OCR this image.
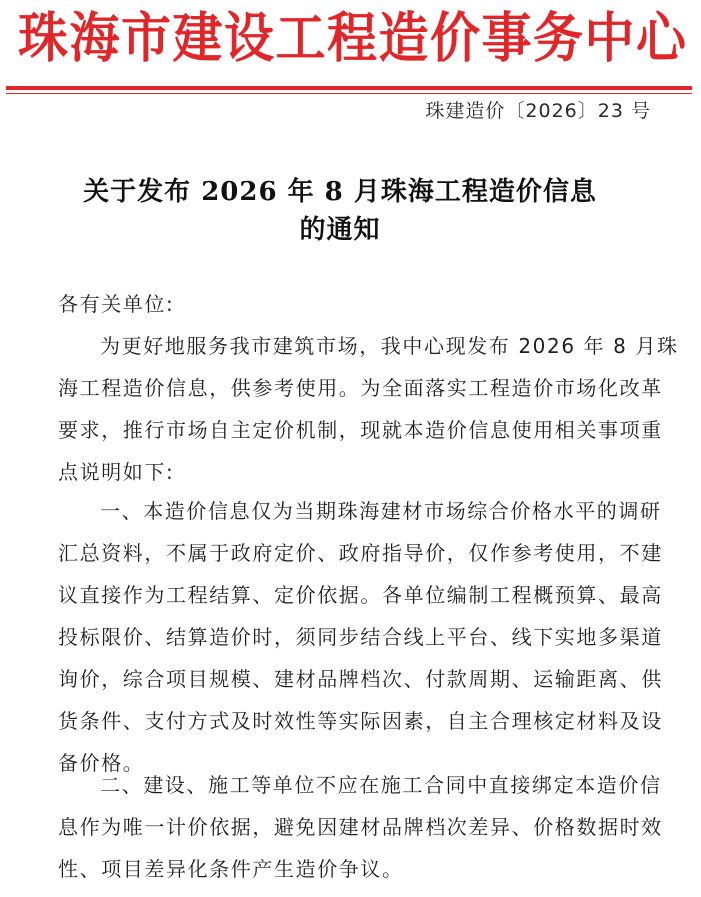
珠 海 市 建 设 工 程 造 价 事 务 中 心
珠建造价〔2026〕23 号
关于发布 2026 年 8 月珠海工程造价信息
的通知
各有关单位:
为更好地服务我市建筑市场，我中心现发布 2026 年 8 月珠
海工程造价信息，供参考使用。为全面落实工程造价市场化改革
要求，推行市场自主定价机制，现就本造价信息使用相关事项重
点说明如下:
一、本造价信息仅为当期珠海建材市场综合价格水平的调研
汇总资料，不属于政府定价、政府指导价，仅作参考使用，不建
议直接作为工程结算、定价依据。各单位编制工程概预算、最高
投标限价、结算造价时，须同步结合线上平台、线下实地多渠道
询价，综合项目规模、建材品牌档次、付款周期、运输距离、供
货条件、支付方式及时效性等实际因素，自主合理核定材料及设
备价格。
二、建设、施工等单位不应在施工合同中直接绑定本造价信
息作为唯一计价依据，避免因建材品牌档次差异、价格数据时效
性、项目差异化条件产生造价争议。
